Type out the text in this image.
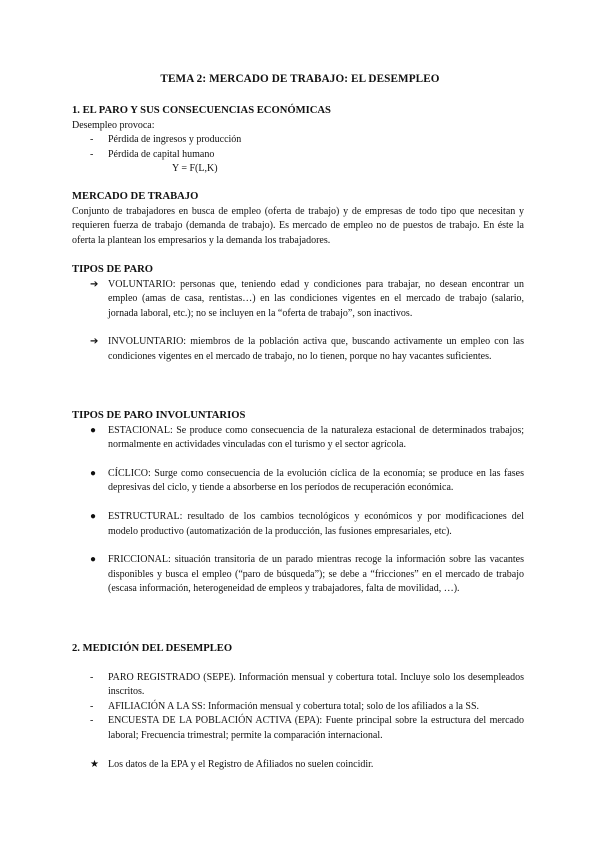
TEMA 2: MERCADO DE TRABAJO: EL DESEMPLEO
1. EL PARO Y SUS CONSECUENCIAS ECONÓMICAS
Desempleo provoca:
- Pérdida de ingresos y producción
- Pérdida de capital humano
Y = F(L,K)
MERCADO DE TRABAJO
Conjunto de trabajadores en busca de empleo (oferta de trabajo) y de empresas de todo tipo que necesitan y requieren fuerza de trabajo (demanda de trabajo). Es mercado de empleo no de puestos de trabajo. En éste la oferta la plantean los empresarios y la demanda los trabajadores.
TIPOS DE PARO
➔ VOLUNTARIO: personas que, teniendo edad y condiciones para trabajar, no desean encontrar un empleo (amas de casa, rentistas…) en las condiciones vigentes en el mercado de trabajo (salario, jornada laboral, etc.); no se incluyen en la “oferta de trabajo”, son inactivos.
➔ INVOLUNTARIO: miembros de la población activa que, buscando activamente un empleo con las condiciones vigentes en el mercado de trabajo, no lo tienen, porque no hay vacantes suficientes.
TIPOS DE PARO INVOLUNTARIOS
● ESTACIONAL: Se produce como consecuencia de la naturaleza estacional de determinados trabajos; normalmente en actividades vinculadas con el turismo y el sector agrícola.
● CÍCLICO: Surge como consecuencia de la evolución cíclica de la economía; se produce en las fases depresivas del ciclo, y tiende a absorberse en los períodos de recuperación económica.
● ESTRUCTURAL: resultado de los cambios tecnológicos y económicos y por modificaciones del modelo productivo (automatización de la producción, las fusiones empresariales, etc).
● FRICCIONAL: situación transitoria de un parado mientras recoge la información sobre las vacantes disponibles y busca el empleo (“paro de búsqueda”); se debe a “fricciones” en el mercado de trabajo (escasa información, heterogeneidad de empleos y trabajadores, falta de movilidad, …).
2. MEDICIÓN DEL DESEMPLEO
- PARO REGISTRADO (SEPE). Información mensual y cobertura total. Incluye solo los desempleados inscritos.
- AFILIACIÓN A LA SS: Información mensual y cobertura total; solo de los afiliados a la SS.
- ENCUESTA DE LA POBLACIÓN ACTIVA (EPA): Fuente principal sobre la estructura del mercado laboral; Frecuencia trimestral; permite la comparación internacional.
★ Los datos de la EPA y el Registro de Afiliados no suelen coincidir.
